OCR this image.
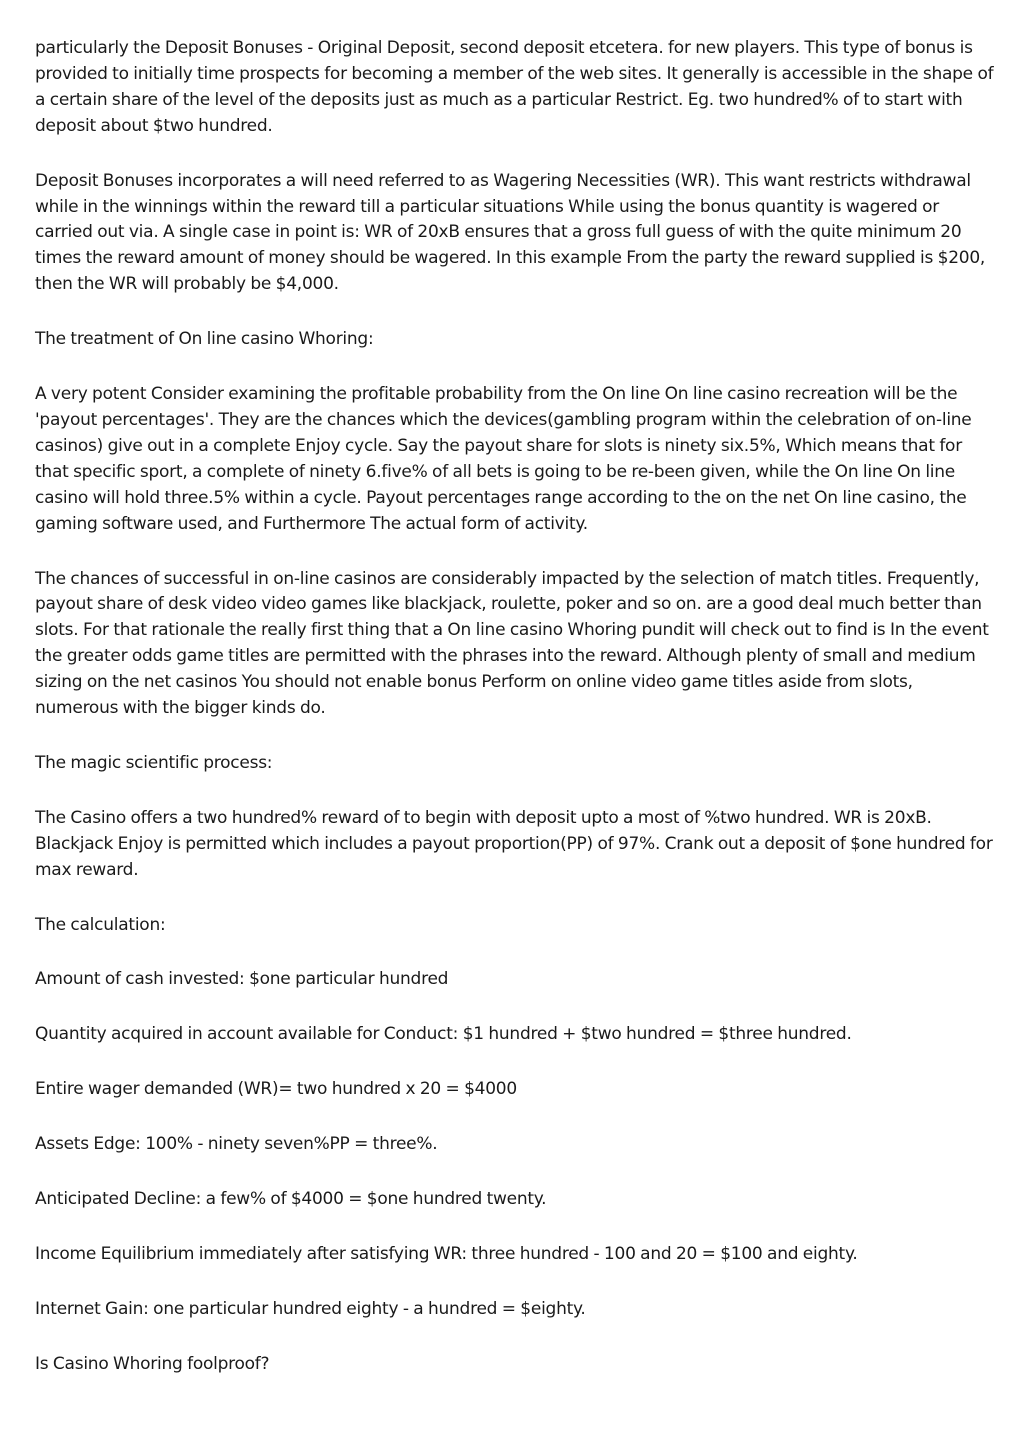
particularly the Deposit Bonuses - Original Deposit, second deposit etcetera. for new players. This type of bonus is provided to initially time prospects for becoming a member of the web sites. It generally is accessible in the shape of a certain share of the level of the deposits just as much as a particular Restrict. Eg. two hundred% of to start with deposit about $two hundred.

Deposit Bonuses incorporates a will need referred to as Wagering Necessities (WR). This want restricts withdrawal while in the winnings within the reward till a particular situations While using the bonus quantity is wagered or carried out via. A single case in point is: WR of 20xB ensures that a gross full guess of with the quite minimum 20 times the reward amount of money should be wagered. In this example From the party the reward supplied is $200, then the WR will probably be $4,000.

The treatment of On line casino Whoring:

A very potent Consider examining the profitable probability from the On line On line casino recreation will be the 'payout percentages'. They are the chances which the devices(gambling program within the celebration of on-line casinos) give out in a complete Enjoy cycle. Say the payout share for slots is ninety six.5%, Which means that for that specific sport, a complete of ninety 6.five% of all bets is going to be re-been given, while the On line On line casino will hold three.5% within a cycle. Payout percentages range according to the on the net On line casino, the gaming software used, and Furthermore The actual form of activity.

The chances of successful in on-line casinos are considerably impacted by the selection of match titles. Frequently, payout share of desk video video games like blackjack, roulette, poker and so on. are a good deal much better than slots. For that rationale the really first thing that a On line casino Whoring pundit will check out to find is In the event the greater odds game titles are permitted with the phrases into the reward. Although plenty of small and medium sizing on the net casinos You should not enable bonus Perform on online video game titles aside from slots, numerous with the bigger kinds do.

The magic scientific process:

The Casino offers a two hundred% reward of to begin with deposit upto a most of %two hundred. WR is 20xB. Blackjack Enjoy is permitted which includes a payout proportion(PP) of 97%. Crank out a deposit of $one hundred for max reward.

The calculation:

Amount of cash invested: $one particular hundred

Quantity acquired in account available for Conduct: $1 hundred + $two hundred = $three hundred.

Entire wager demanded (WR)= two hundred x 20 = $4000

Assets Edge: 100% - ninety seven%PP = three%.

Anticipated Decline: a few% of $4000 = $one hundred twenty.

Income Equilibrium immediately after satisfying WR: three hundred - 100 and 20 = $100 and eighty.

Internet Gain: one particular hundred eighty - a hundred = $eighty.

Is Casino Whoring foolproof?
